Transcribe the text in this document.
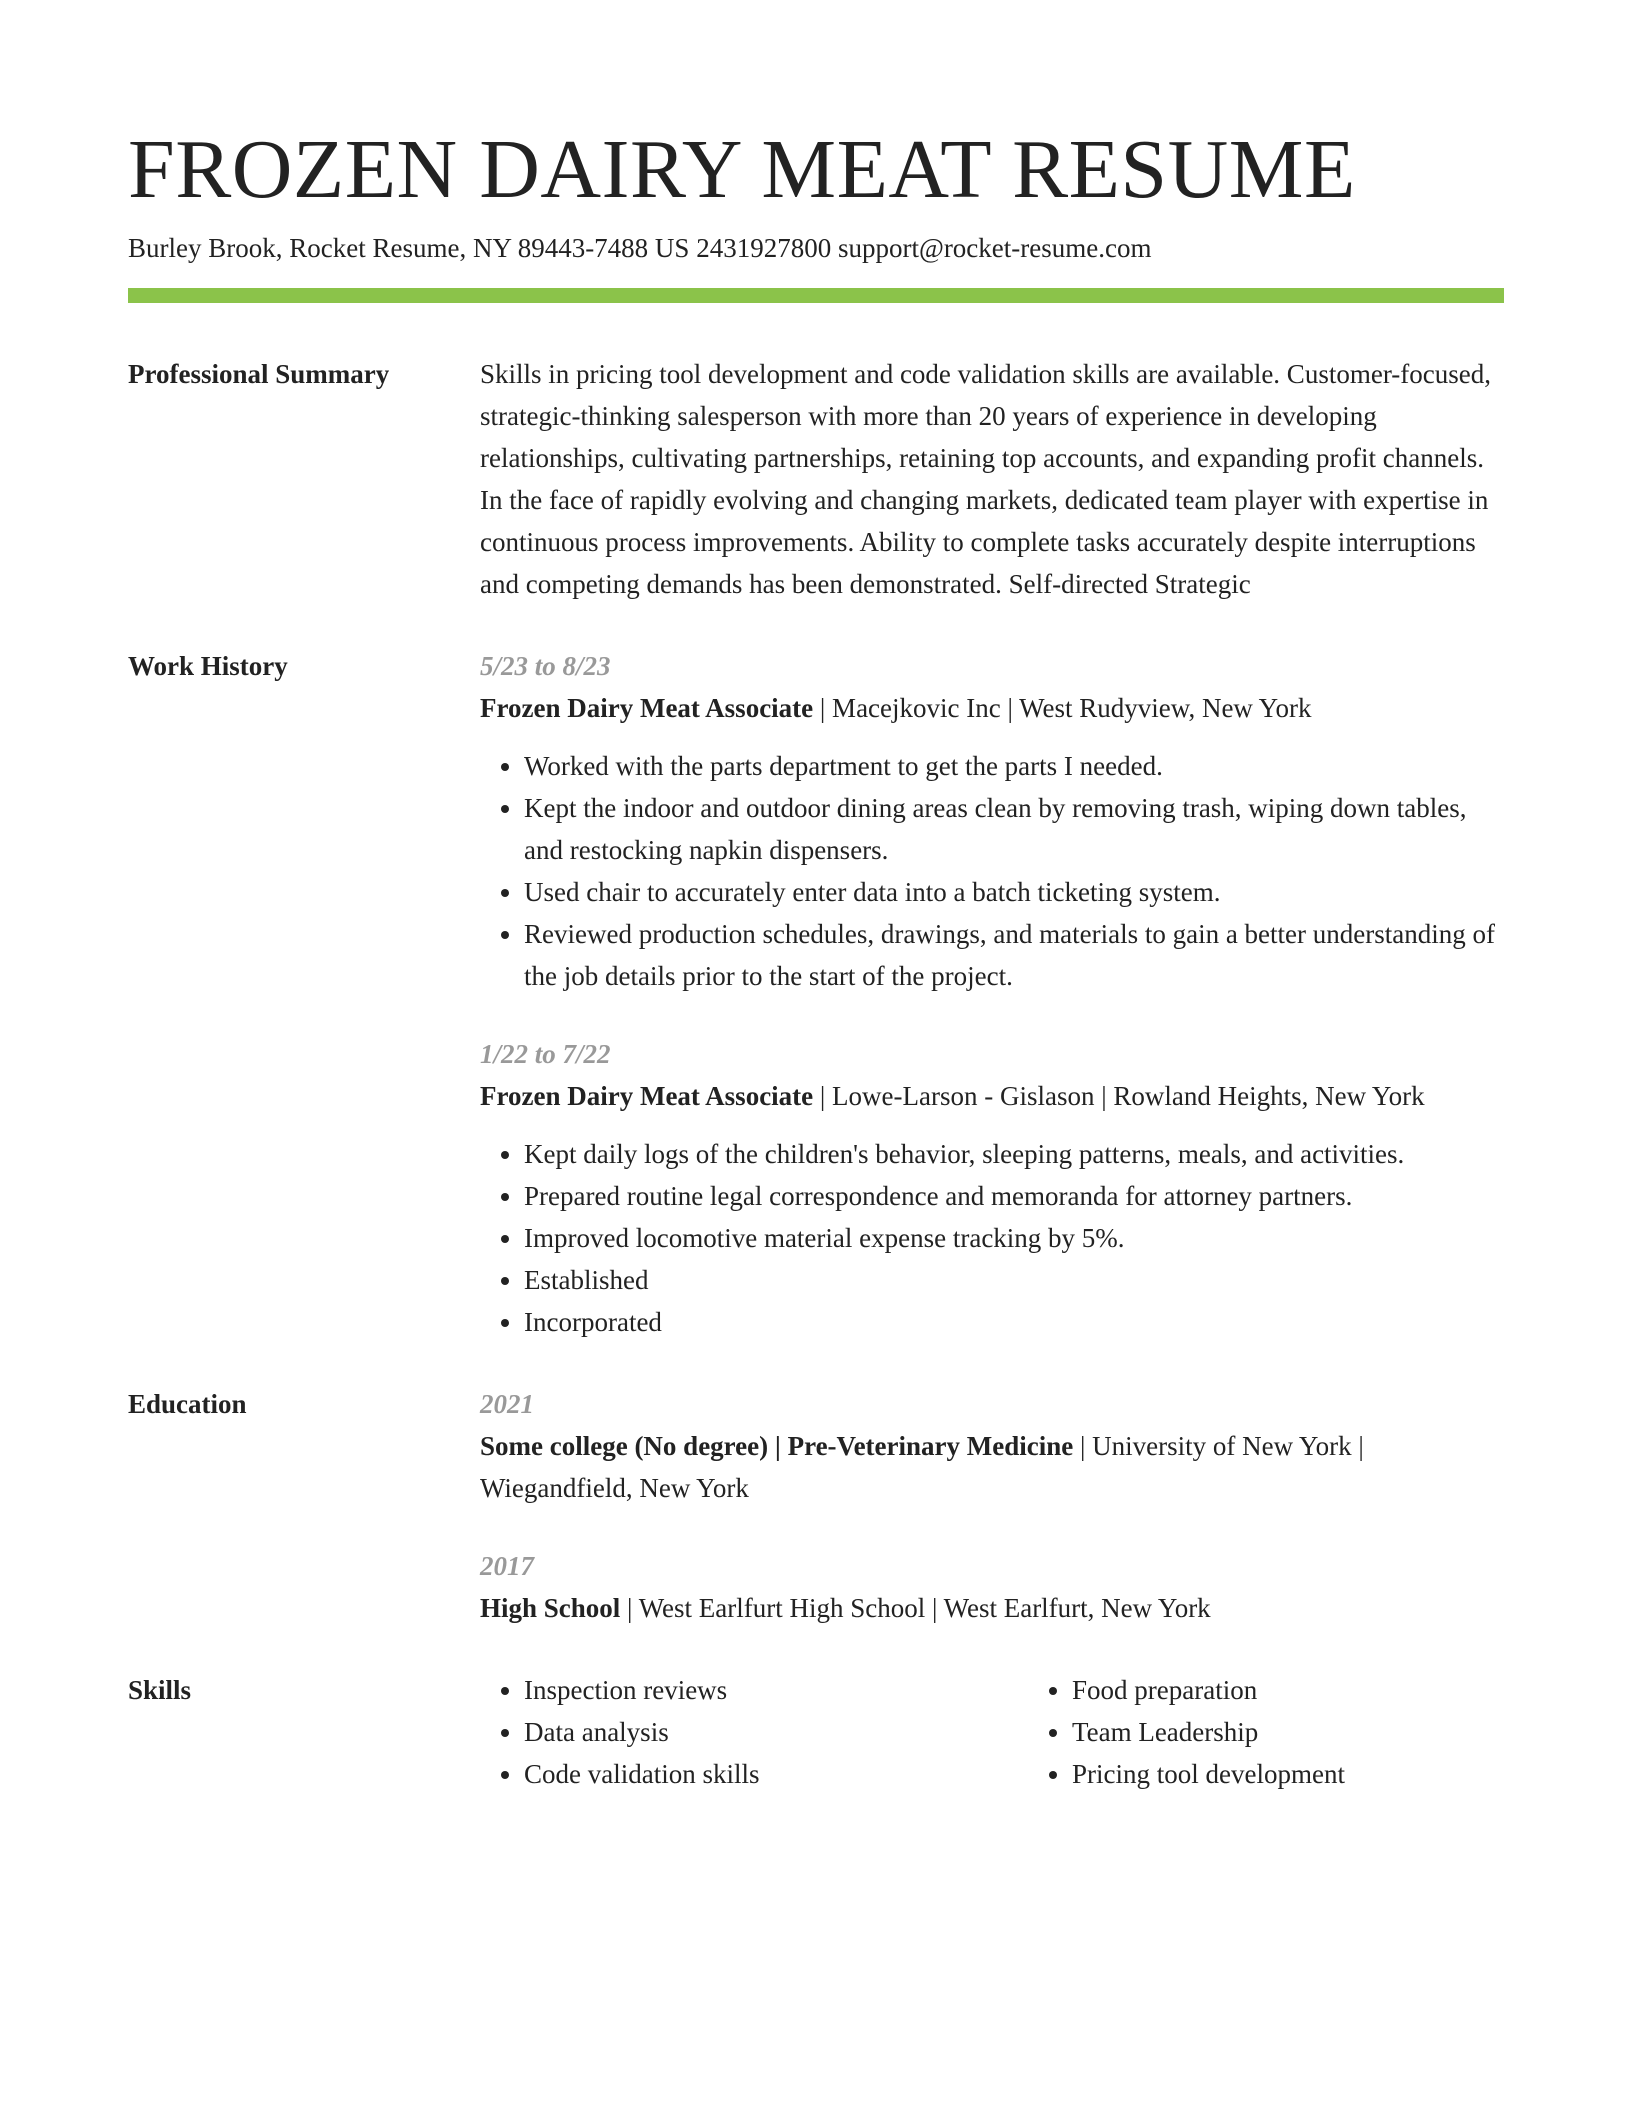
FROZEN DAIRY MEAT RESUME
Burley Brook, Rocket Resume, NY 89443-7488 US 2431927800 support@rocket-resume.com
Professional Summary	Skills in pricing tool development and code validation skills are available. Customer-focused, strategic-thinking salesperson with more than 20 years of experience in developing relationships, cultivating partnerships, retaining top accounts, and expanding profit channels. In the face of rapidly evolving and changing markets, dedicated team player with expertise in continuous process improvements. Ability to complete tasks accurately despite interruptions and competing demands has been demonstrated. Self-directed Strategic

Work History	5/23 to 8/23

Frozen Dairy Meat Associate | Macejkovic Inc | West Rudyview, New York

• Worked with the parts department to get the parts I needed.
• Kept the indoor and outdoor dining areas clean by removing trash, wiping down tables, and restocking napkin dispensers.
• Used chair to accurately enter data into a batch ticketing system.
• Reviewed production schedules, drawings, and materials to gain a better understanding of the job details prior to the start of the project.
1/22 to 7/22

Frozen Dairy Meat Associate | Lowe-Larson - Gislason | Rowland Heights, New York

• Kept daily logs of the children's behavior, sleeping patterns, meals, and activities.
• Prepared routine legal correspondence and memoranda for attorney partners.
• Improved locomotive material expense tracking by 5%.
• Established
• Incorporated
Education	2021

Some college (No degree) | Pre-Veterinary Medicine | University of New York | Wiegandfield, New York

2017

High School | West Earlfurt High School | West Earlfurt, New York

Skills
•	Inspection reviews
• Data analysis
• Code validation skills
• Food preparation
• Team Leadership
• Pricing tool development
